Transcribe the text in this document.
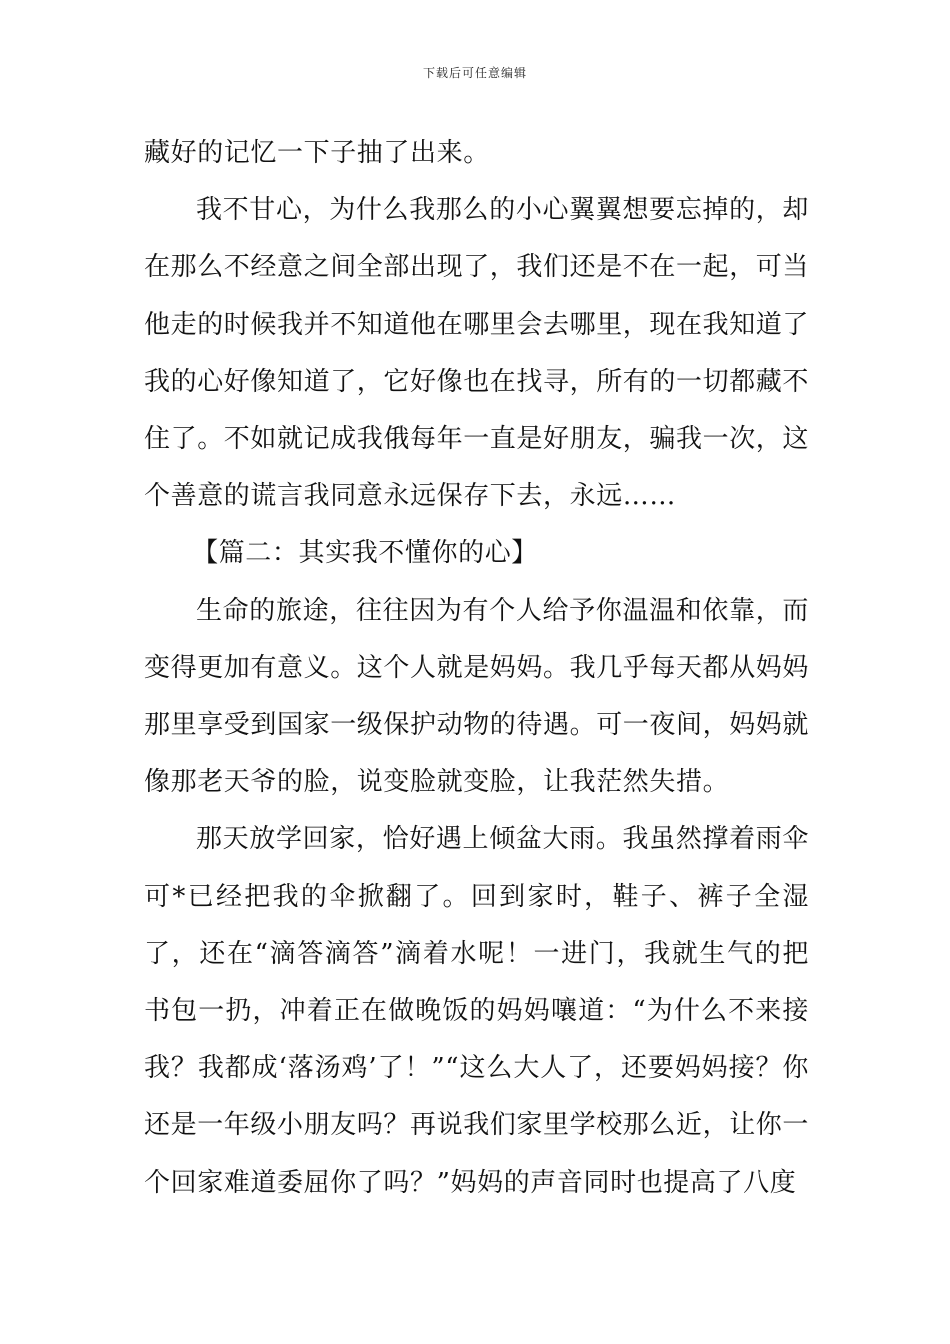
下载后可任意编辑

藏好的记忆一下子抽了出来。

我不甘心，为什么我那么的小心翼翼想要忘掉的，却在那么不经意之间全部出现了，我们还是不在一起，可当他走的时候我并不知道他在哪里会去哪里，现在我知道了我的心好像知道了，它好像也在找寻，所有的一切都藏不住了。不如就记成我俄每年一直是好朋友，骗我一次，这个善意的谎言我同意永远保存下去，永远……

【篇二：其实我不懂你的心】

生命的旅途，往往因为有个人给予你温温和依靠，而变得更加有意义。这个人就是妈妈。我几乎每天都从妈妈那里享受到国家一级保护动物的待遇。可一夜间，妈妈就像那老天爷的脸，说变脸就变脸，让我茫然失措。

那天放学回家，恰好遇上倾盆大雨。我虽然撑着雨伞可*已经把我的伞掀翻了。回到家时，鞋子、裤子全湿了，还在“滴答滴答”滴着水呢！一进门，我就生气的把书包一扔，冲着正在做晚饭的妈妈嚷道：“为什么不来接我？我都成‘落汤鸡’了！”“这么大人了，还要妈妈接？你还是一年级小朋友吗？再说我们家里学校那么近，让你一个回家难道委屈你了吗？”妈妈的声音同时也提高了八度
